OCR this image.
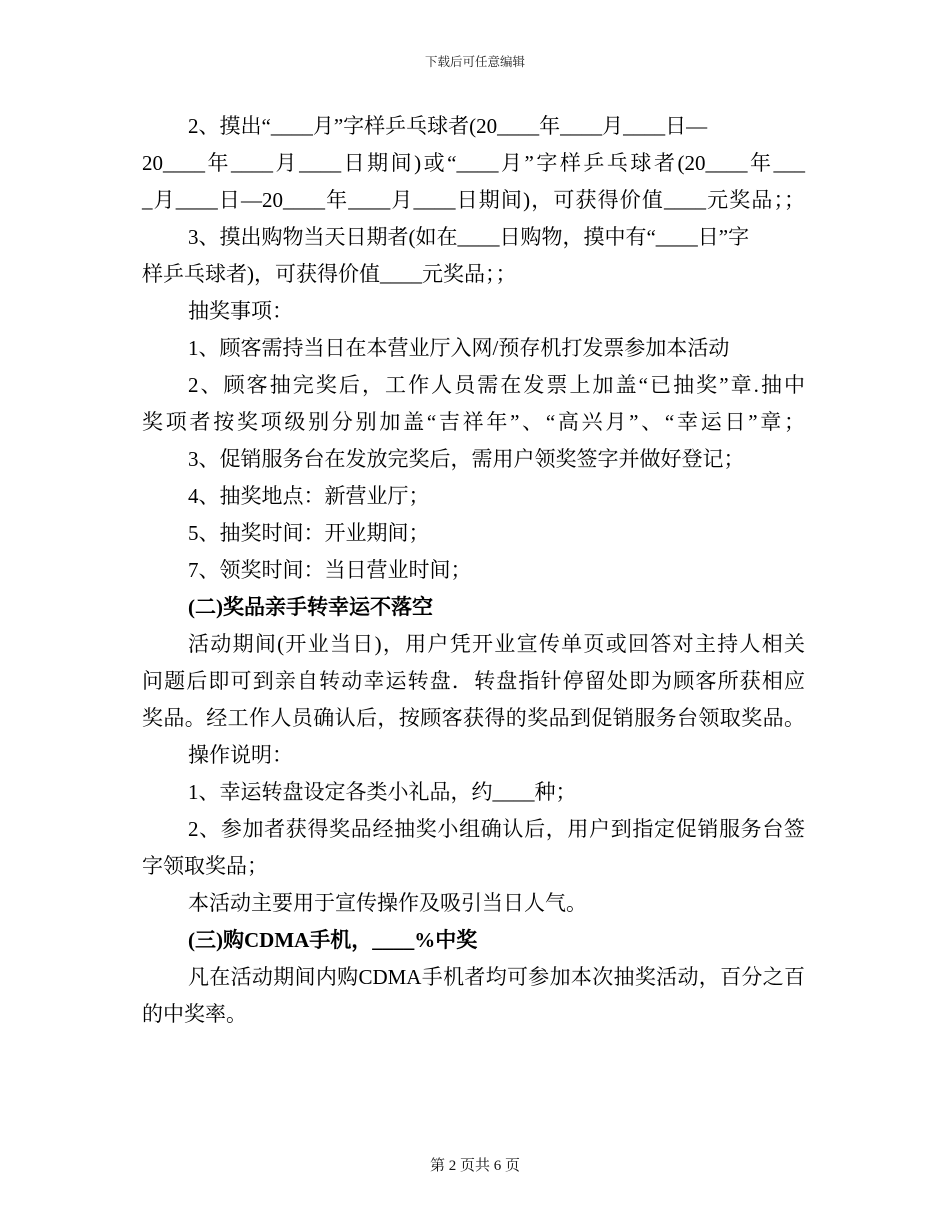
下载后可任意编辑
2、摸出“____月”字样乒乓球者(20____年____月____日—
20____年____月____日期间)或“____月”字样乒乓球者(20____年___
_月____日—20____年____月____日期间)，可获得价值____元奖品；；
3、摸出购物当天日期者(如在____日购物，摸中有“____日”字
样乒乓球者)，可获得价值____元奖品；；
抽奖事项：
1、顾客需持当日在本营业厅入网/预存机打发票参加本活动
2、顾客抽完奖后，工作人员需在发票上加盖“已抽奖”章.抽中
奖项者按奖项级别分别加盖“吉祥年”、“高兴月”、“幸运日”章；
3、促销服务台在发放完奖后，需用户领奖签字并做好登记；
4、抽奖地点：新营业厅；
5、抽奖时间：开业期间；
7、领奖时间：当日营业时间；
(二)奖品亲手转幸运不落空
活动期间(开业当日)，用户凭开业宣传单页或回答对主持人相关
问题后即可到亲自转动幸运转盘．转盘指针停留处即为顾客所获相应
奖品。经工作人员确认后，按顾客获得的奖品到促销服务台领取奖品。
操作说明：
1、幸运转盘设定各类小礼品，约____种；
2、参加者获得奖品经抽奖小组确认后，用户到指定促销服务台签
字领取奖品；
本活动主要用于宣传操作及吸引当日人气。
(三)购CDMA手机，____%中奖
凡在活动期间内购CDMA手机者均可参加本次抽奖活动，百分之百
的中奖率。
第 2 页共 6 页
